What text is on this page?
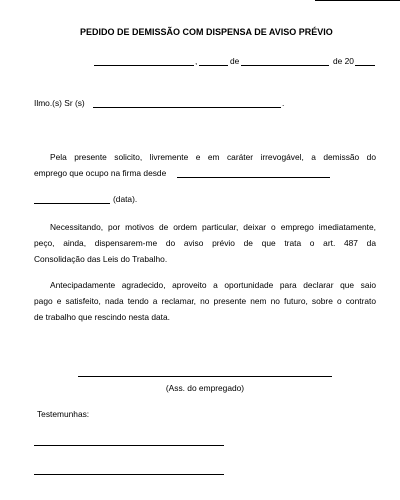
PEDIDO DE DEMISSÃO COM DISPENSA DE AVISO PRÉVIO
,	de	de 20
Ilmo.(s) Sr (s)	.
Pela presente solicito, livremente e em caráter irrevogável, a demissão do
emprego que ocupo na firma desde
(data).
Necessitando, por motivos de ordem particular, deixar o emprego imediatamente,
peço, ainda, dispensarem-me do aviso prévio de que trata o art. 487 da
Consolidação das Leis do Trabalho.
Antecipadamente agradecido, aproveito a oportunidade para declarar que saio
pago e satisfeito, nada tendo a reclamar, no presente nem no futuro, sobre o contrato
de trabalho que rescindo nesta data.
(Ass. do empregado)
Testemunhas:
